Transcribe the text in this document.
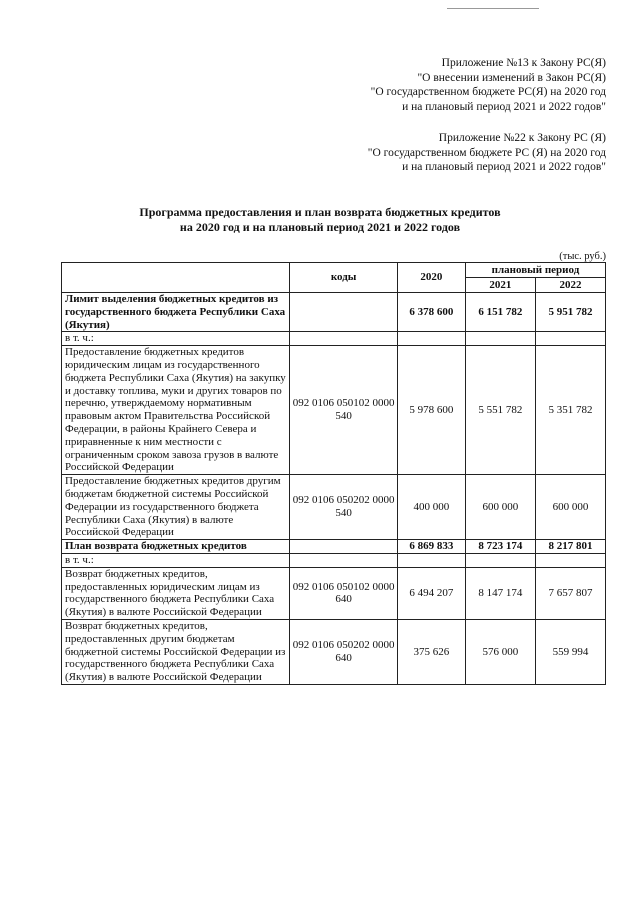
Приложение №13 к Закону РС(Я)
"О внесении изменений в Закон РС(Я)
"О государственном бюджете РС(Я) на 2020 год
и на плановый период 2021 и 2022 годов"
Приложение №22 к Закону РС (Я)
"О государственном бюджете РС (Я) на 2020 год
и на плановый период 2021 и 2022 годов"
Программа предоставления и план возврата бюджетных кредитов
на 2020 год и на плановый период 2021 и 2022 годов
(тыс. руб.)
	коды	2020	плановый период	
			2021	2022
Лимит выделения бюджетных кредитов из государственного бюджета Республики Саха (Якутия)		6 378 600	6 151 782	5 951 782
в т. ч.:				
Предоставление бюджетных кредитов юридическим лицам из государственного бюджета Республики Саха (Якутия) на закупку и доставку топлива, муки и других товаров по перечню, утверждаемому нормативным правовым актом Правительства Российской Федерации, в районы Крайнего Севера и приравненные к ним местности с ограниченным сроком завоза грузов в валюте Российской Федерации	092 0106 050102 0000 540	5 978 600	5 551 782	5 351 782
Предоставление бюджетных кредитов другим бюджетам бюджетной системы Российской Федерации из государственного бюджета Республики Саха (Якутия) в валюте Российской Федерации	092 0106 050202 0000 540	400 000	600 000	600 000
План возврата бюджетных кредитов		6 869 833	8 723 174	8 217 801
в т. ч.:				
Возврат бюджетных кредитов, предоставленных юридическим лицам из государственного бюджета Республики Саха (Якутия) в валюте Российской Федерации	092 0106 050102 0000 640	6 494 207	8 147 174	7 657 807
Возврат бюджетных кредитов, предоставленных другим бюджетам бюджетной системы Российской Федерации из государственного бюджета Республики Саха (Якутия) в валюте Российской Федерации	092 0106 050202 0000 640	375 626	576 000	559 994
